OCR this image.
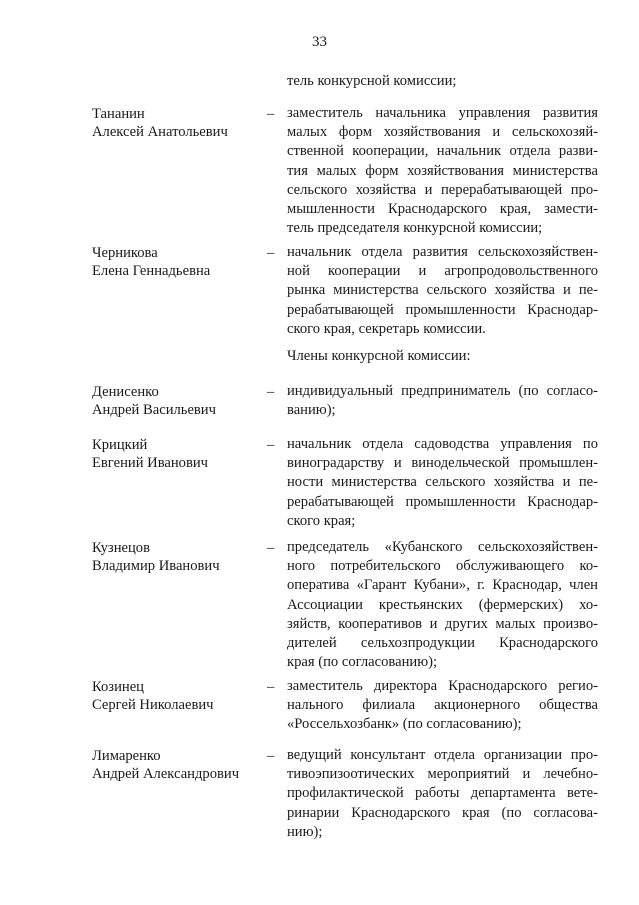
33
тель конкурсной комиссии;
Тананин
Алексей Анатольевич
– заместитель начальника управления развития
малых форм хозяйствования и сельскохозяй-
ственной кооперации, начальник отдела разви-
тия малых форм хозяйствования министерства
сельского хозяйства и перерабатывающей про-
мышленности Краснодарского края, замести-
тель председателя конкурсной комиссии;
Черникова
Елена Геннадьевна
– начальник отдела развития сельскохозяйствен-
ной кооперации и агропродовольственного
рынка министерства сельского хозяйства и пе-
рерабатывающей промышленности Краснодар-
ского края, секретарь комиссии.
Члены конкурсной комиссии:
Денисенко
Андрей Васильевич
– индивидуальный предприниматель (по согласо-
ванию);
Крицкий
Евгений Иванович
– начальник отдела садоводства управления по
виноградарству и винодельческой промышлен-
ности министерства сельского хозяйства и пе-
рерабатывающей промышленности Краснодар-
ского края;
Кузнецов
Владимир Иванович
– председатель «Кубанского сельскохозяйствен-
ного потребительского обслуживающего ко-
оператива «Гарант Кубани», г. Краснодар, член
Ассоциации крестьянских (фермерских) хо-
зяйств, кооперативов и других малых произво-
дителей сельхозпродукции Краснодарского
края (по согласованию);
Козинец
Сергей Николаевич
– заместитель директора Краснодарского регио-
нального филиала акционерного общества
«Россельхозбанк» (по согласованию);
Лимаренко
Андрей Александрович
– ведущий консультант отдела организации про-
тивоэпизоотических мероприятий и лечебно-
профилактической работы департамента вете-
ринарии Краснодарского края (по согласова-
нию);
